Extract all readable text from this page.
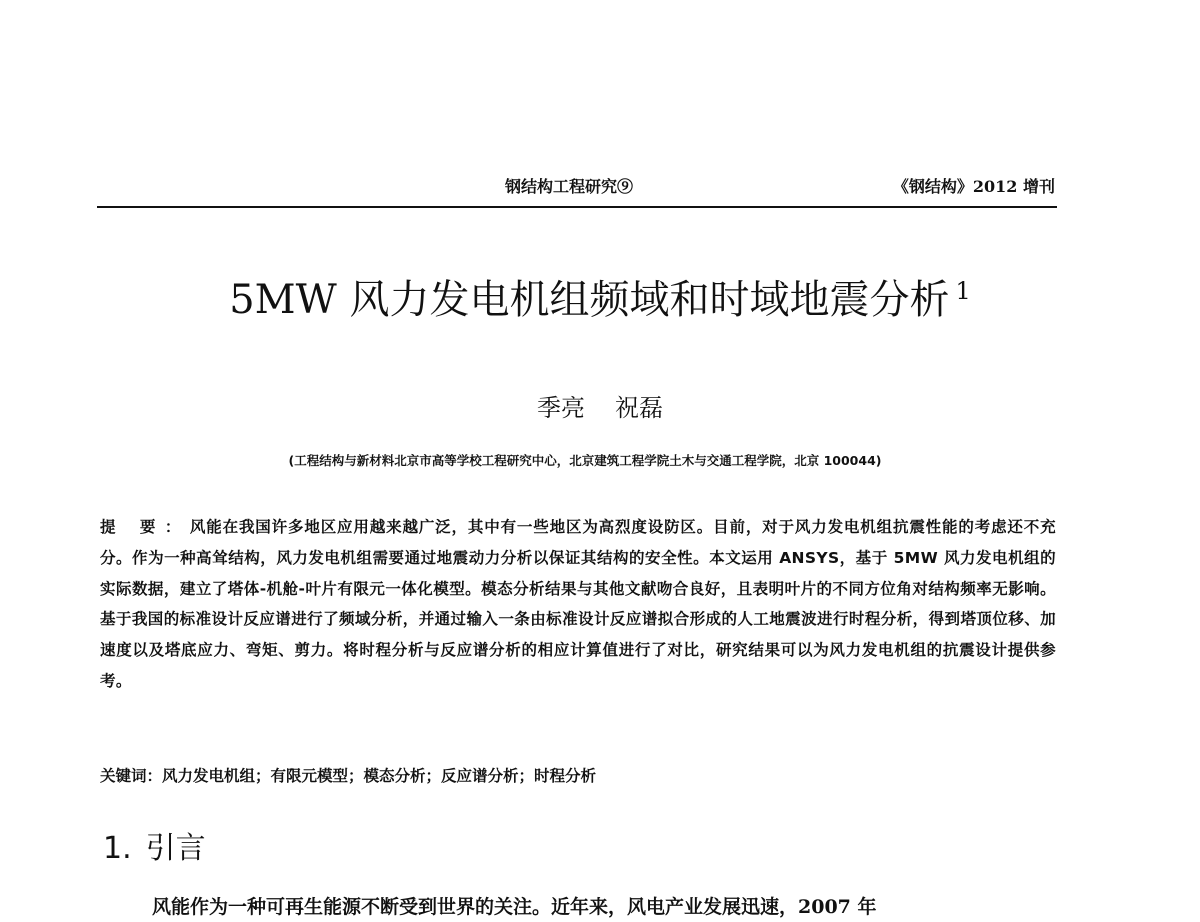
钢结构工程研究⑨	《钢结构》2012 增刊
5MW 风力发电机组频域和时域地震分析 $^1$
季亮 祝磊
(工程结构与新材料北京市高等学校工程研究中心，北京建筑工程学院土木与交通工程学院，北京 100044)
提 要：风能在我国许多地区应用越来越广泛，其中有一些地区为高烈度设防区。目前，对于风力发电机组抗震性能的考虑还不充分。作为一种高耸结构，风力发电机组需要通过地震动力分析以保证其结构的安全性。本文运用 ANSYS，基于 5MW 风力发电机组的实际数据，建立了塔体-机舱-叶片有限元一体化模型。模态分析结果与其他文献吻合良好，且表明叶片的不同方位角对结构频率无影响。基于我国的标准设计反应谱进行了频域分析，并通过输入一条由标准设计反应谱拟合形成的人工地震波进行时程分析，得到塔顶位移、加速度以及塔底应力、弯矩、剪力。将时程分析与反应谱分析的相应计算值进行了对比，研究结果可以为风力发电机组的抗震设计提供参考。
关键词：风力发电机组；有限元模型；模态分析；反应谱分析；时程分析
1. 引言
风能作为一种可再生能源不断受到世界的关注。近年来，风电产业发展迅速，2007 年
